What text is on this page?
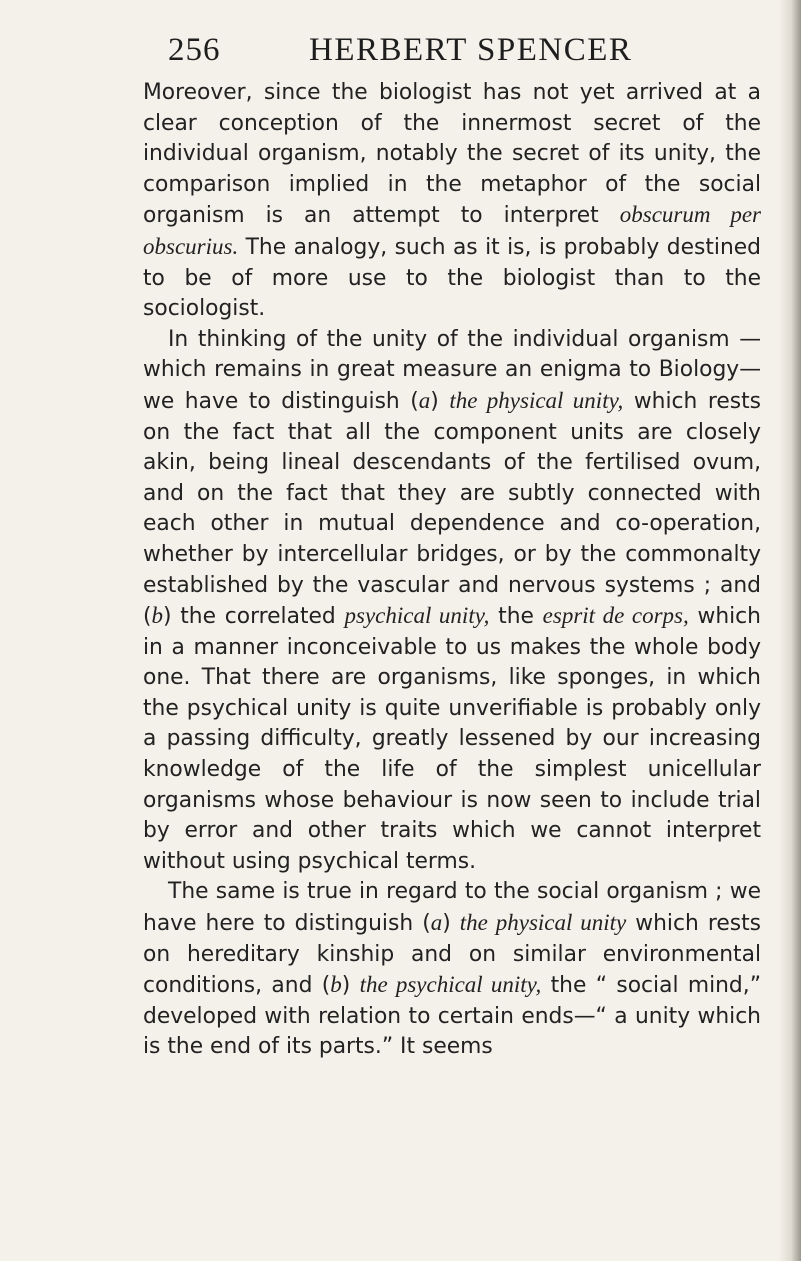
256	HERBERT SPENCER

Moreover, since the biologist has not yet arrived at a clear conception of the innermost secret of the individual organism, notably the secret of its unity, the comparison implied in the metaphor of the social organism is an attempt to interpret obscurum per obscurius. The analogy, such as it is, is probably destined to be of more use to the biologist than to the sociologist.

In thinking of the unity of the individual organism —which remains in great measure an enigma to Biology—we have to distinguish (a) the physical unity, which rests on the fact that all the component units are closely akin, being lineal descendants of the fertilised ovum, and on the fact that they are subtly connected with each other in mutual dependence and co-operation, whether by intercellular bridges, or by the commonalty established by the vascular and nervous systems ; and (b) the correlated psychical unity, the esprit de corps, which in a manner inconceivable to us makes the whole body one. That there are organisms, like sponges, in which the psychical unity is quite unverifiable is probably only a passing difficulty, greatly lessened by our increasing knowledge of the life of the simplest unicellular organisms whose behaviour is now seen to include trial by error and other traits which we cannot interpret without using psychical terms.

The same is true in regard to the social organism ; we have here to distinguish (a) the physical unity which rests on hereditary kinship and on similar environmental conditions, and (b) the psychical unity, the “ social mind,” developed with relation to certain ends—“ a unity which is the end of its parts.” It seems
